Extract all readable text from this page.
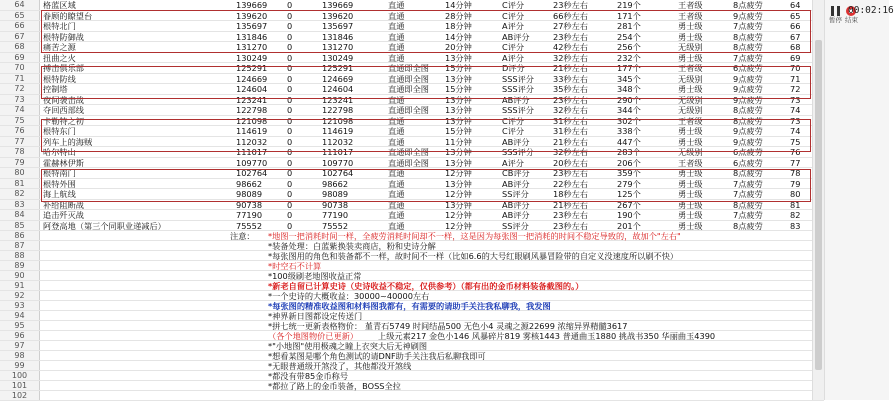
64	格蓝区域	139669 0	139669	直通	14分钟	C评分	23秒左右	219个	王者级	8点疲劳	64
65	眷顾的瞭望台	139620 0	139620	直通	28分钟	C评分	66秒左右	171个	王者级	9点疲劳	65
66	根特北门	135697 0	135697	直通	18分钟	A评分	27秒左右	281个	勇士级	7点疲劳	66
67	根特防御战	131846 0	131846	直通	14分钟	AB评分	23秒左右	254个	勇士级	8点疲劳	67
68	痛苦之源	131270 0	131270	直通	20分钟	C评分	42秒左右	256个	无级别	8点疲劳	68
69	扭曲之火	130249 0	130249	直通	13分钟	A评分	32秒左右	232个	勇士级	7点疲劳	69
70	搏击俱乐部	125291 0	125291	直通即全图 15分钟	D评分	21秒左右	177个	王者级	6点疲劳	70
71	根特防线	124669 0	124669	直通即全图 13分钟	SSS评分 33秒左右	345个	无级别	9点疲劳	71
72	控制塔	124604 0	124604	直通即全图 15分钟	SSS评分 35秒左右	348个	勇士级	9点疲劳	72
73	夜间袭击战	123241 0	123241	直通	13分钟	AB评分	23秒左右	290个	无级别	9点疲劳	73
74	夺回西部线	122798 0	122798	直通即全图 13分钟	SSS评分 32秒左右	344个	无级别	8点疲劳	74
75	卡勒特之初	121098 0	121098	直通	13分钟	C评分	31秒左右	302个	王者级	8点疲劳	73
76	根特东门	114619 0	114619	直通	15分钟	C评分	31秒左右	338个	勇士级	9点疲劳	74
77	列车上的海贼	112032 0	112032	直通	11分钟	AB评分	21秒左右	447个	勇士级	9点疲劳	75
78	哈尔特山	111017 0	111017	直通即全图 13分钟	SSS评分 32秒左右	283个	无级别	6点疲劳	76
79	霍赫林伊斯	109770 0	109770	直通即全图 13分钟	A评分	20秒左右	206个	王者级	6点疲劳	77
80	根特南门	102764 0	102764	直通	12分钟	CB评分	23秒左右	359个	勇士级	8点疲劳	78
81	根特外围	98662	0	98662	直通	13分钟	AB评分	22秒左右	279个	勇士级	7点疲劳	79
82	海上航线	98089	0	98089	直通	12分钟	SS评分	18秒左右	125个	勇士级	7点疲劳	80
83	补给阻断战	90738	0	90738	直通	13分钟	AB评分	21秒左右	267个	勇士级	8点疲劳	81
84	追击歼灭战	77190	0	77190	直通	12分钟	AB评分	23秒左右	190个	勇士级	7点疲劳	82
85	阿登高地（第三个同职业递减后）	75552	0	75552	直通	12分钟	SS评分	23秒左右	201个	勇士级	8点疲劳	83
86
87
88
89
90
91
92
93
94
95
96
97
98
99
100
101
102
注意： *地图一把消耗时间一样，全疲劳消耗时间却不一样，这是因为每张图一把消耗的时间不稳定导致的，故加个"左右"
*装备处理：白蓝紫换装卖商店，粉和史诗分解
*每张图用的角色和装备都不一样，故时间不一样（比如6.6的大号红眼刷风暴冒险带的自定义没速度所以刷不快）
*时空石不计算
*100级刷老地图收益正常
*新老自留已计算史诗（史诗收益不稳定，仅供参考）（都有出的金币材料装备截图的。）
*一个史诗的大概收益：30000~40000左右
*每张图的精准收益图和材料图我都有，有需要的请助手关注我私聊我，我发图
*神界新日图都设定传送门
*拼七统一更新表格物价： 堇青石5749 时间结晶500 无色小4 灵魂之源22699 浓缩异界精髓3617
（各个地图物价已更新） 上级元素217 金色小146 风暴碎片819 雾核1443 普通曲玉1880 挑战书350 华丽曲玉4390
*"小地图"使用极魂之瞳上衣突大后无神刷图
*想看某图是哪个角色测试的请DNF助手关注我后私聊我即可
*无眼普通级开煞没了，其他都没开煞线
*都没有带85金币称号
*都拉了路上的金币装备，BOSS全拉
暂停 结束
00:02:16
